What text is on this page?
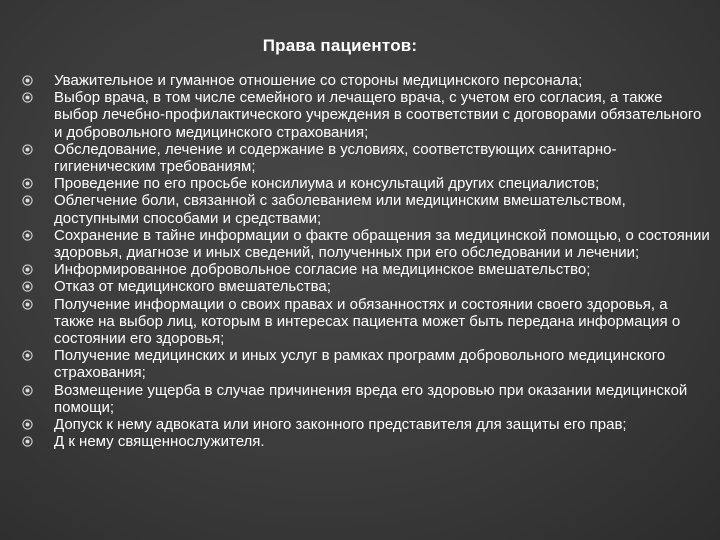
Права пациентов:
Уважительное и гуманное отношение со стороны медицинского персонала;
Выбор врача, в том числе семейного и лечащего врача, с учетом его согласия, а также выбор лечебно-профилактического учреждения в соответствии с договорами обязательного и добровольного медицинского страхования;
Обследование, лечение и содержание в условиях, соответствующих санитарно-гигиеническим требованиям;
Проведение по его просьбе консилиума и консультаций других специалистов;
Облегчение боли, связанной с заболеванием или медицинским вмешательством, доступными способами и средствами;
Сохранение в тайне информации о факте обращения за медицинской помощью, о состоянии здоровья, диагнозе и иных сведений, полученных при его обследовании и лечении;
Информированное добровольное согласие на медицинское вмешательство;
Отказ от медицинского вмешательства;
Получение информации о своих правах и обязанностях и состоянии своего здоровья, а также на выбор лиц, которым в интересах пациента может быть передана информация о состоянии его здоровья;
Получение медицинских и иных услуг в рамках программ добровольного медицинского страхования;
Возмещение ущерба в случае причинения вреда его здоровью при оказании медицинской помощи;
Допуск к нему адвоката или иного законного представителя для защиты его прав;
Д к нему священнослужителя.
